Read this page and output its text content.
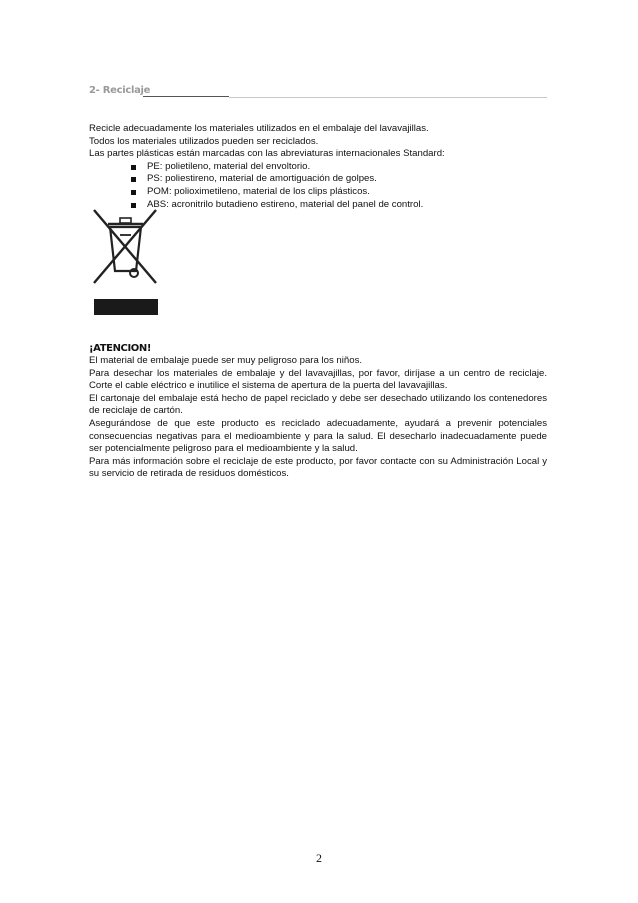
2- Reciclaje

Recicle adecuadamente los materiales utilizados en el embalaje del lavavajillas.

Todos los materiales utilizados pueden ser reciclados.

Las partes plásticas están marcadas con las abreviaturas internacionales Standard:

PE: polietileno, material del envoltorio.
PS: poliestireno, material de amortiguación de golpes.
POM: polioximetileno, material de los clips plásticos.
ABS: acronitrilo butadieno estireno, material del panel de control.
¡ATENCION!

El material de embalaje puede ser muy peligroso para los niños.

Para desechar los materiales de embalaje y del lavavajillas, por favor, diríjase a un centro de reciclaje. Corte el cable eléctrico e inutilice el sistema de apertura de la puerta del lavavajillas.

El cartonaje del embalaje está hecho de papel reciclado y debe ser desechado utilizando los contenedores de reciclaje de cartón.

Asegurándose de que este producto es reciclado adecuadamente, ayudará a prevenir potenciales consecuencias negativas para el medioambiente y para la salud. El desecharlo inadecuadamente puede ser potencialmente peligroso para el medioambiente y la salud.

Para más información sobre el reciclaje de este producto, por favor contacte con su Administración Local y su servicio de retirada de residuos domésticos.

2
